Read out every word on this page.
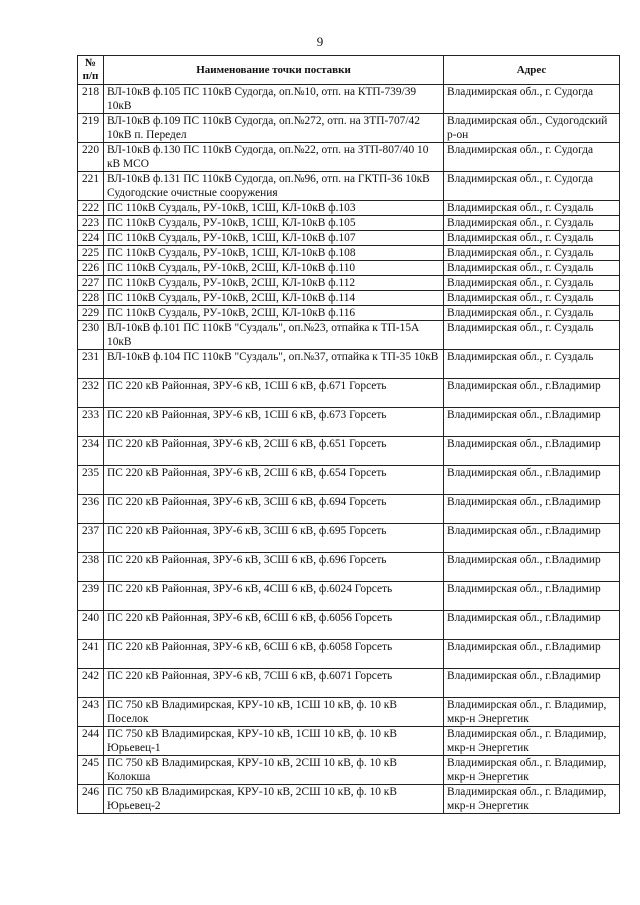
9
№
п/п	Наименование точки поставки	Адрес
218	ВЛ-10кВ ф.105 ПС 110кВ Судогда, оп.№10, отп. на КТП-739/39 10кВ	Владимирская обл., г. Судогда
219	ВЛ-10кВ ф.109 ПС 110кВ Судогда, оп.№272, отп. на ЗТП-707/42 10кВ п. Передел	Владимирская обл., Судогодский р-он
220	ВЛ-10кВ ф.130 ПС 110кВ Судогда, оп.№22, отп. на ЗТП-807/40 10 кВ МСО	Владимирская обл., г. Судогда
221	ВЛ-10кВ ф.131 ПС 110кВ Судогда, оп.№96, отп. на ГКТП-36 10кВ Судогодские очистные сооружения	Владимирская обл., г. Судогда
222	ПС 110кВ Суздаль, РУ-10кВ, 1СШ, КЛ-10кВ ф.103	Владимирская обл., г. Суздаль
223	ПС 110кВ Суздаль, РУ-10кВ, 1СШ, КЛ-10кВ ф.105	Владимирская обл., г. Суздаль
224	ПС 110кВ Суздаль, РУ-10кВ, 1СШ, КЛ-10кВ ф.107	Владимирская обл., г. Суздаль
225	ПС 110кВ Суздаль, РУ-10кВ, 1СШ, КЛ-10кВ ф.108	Владимирская обл., г. Суздаль
226	ПС 110кВ Суздаль, РУ-10кВ, 2СШ, КЛ-10кВ ф.110	Владимирская обл., г. Суздаль
227	ПС 110кВ Суздаль, РУ-10кВ, 2СШ, КЛ-10кВ ф.112	Владимирская обл., г. Суздаль
228	ПС 110кВ Суздаль, РУ-10кВ, 2СШ, КЛ-10кВ ф.114	Владимирская обл., г. Суздаль
229	ПС 110кВ Суздаль, РУ-10кВ, 2СШ, КЛ-10кВ ф.116	Владимирская обл., г. Суздаль
230	ВЛ-10кВ ф.101 ПС 110кВ "Суздаль", оп.№23, отпайка к ТП-15А 10кВ	Владимирская обл., г. Суздаль
231	ВЛ-10кВ ф.104 ПС 110кВ "Суздаль", оп.№37, отпайка к ТП-35 10кВ	Владимирская обл., г. Суздаль
232	ПС 220 кВ Районная, ЗРУ-6 кВ, 1СШ 6 кВ, ф.671 Горсеть	Владимирская обл., г.Владимир
233	ПС 220 кВ Районная, ЗРУ-6 кВ, 1СШ 6 кВ, ф.673 Горсеть	Владимирская обл., г.Владимир
234	ПС 220 кВ Районная, ЗРУ-6 кВ, 2СШ 6 кВ, ф.651 Горсеть	Владимирская обл., г.Владимир
235	ПС 220 кВ Районная, ЗРУ-6 кВ, 2СШ 6 кВ, ф.654 Горсеть	Владимирская обл., г.Владимир
236	ПС 220 кВ Районная, ЗРУ-6 кВ, 3СШ 6 кВ, ф.694 Горсеть	Владимирская обл., г.Владимир
237	ПС 220 кВ Районная, ЗРУ-6 кВ, 3СШ 6 кВ, ф.695 Горсеть	Владимирская обл., г.Владимир
238	ПС 220 кВ Районная, ЗРУ-6 кВ, 3СШ 6 кВ, ф.696 Горсеть	Владимирская обл., г.Владимир
239	ПС 220 кВ Районная, ЗРУ-6 кВ, 4СШ 6 кВ, ф.6024 Горсеть	Владимирская обл., г.Владимир
240	ПС 220 кВ Районная, ЗРУ-6 кВ, 6СШ 6 кВ, ф.6056 Горсеть	Владимирская обл., г.Владимир
241	ПС 220 кВ Районная, ЗРУ-6 кВ, 6СШ 6 кВ, ф.6058 Горсеть	Владимирская обл., г.Владимир
242	ПС 220 кВ Районная, ЗРУ-6 кВ, 7СШ 6 кВ, ф.6071 Горсеть	Владимирская обл., г.Владимир
243	ПС 750 кВ Владимирская, КРУ-10 кВ, 1СШ 10 кВ, ф. 10 кВ Поселок	Владимирская обл., г. Владимир, мкр-н Энергетик
244	ПС 750 кВ Владимирская, КРУ-10 кВ, 1СШ 10 кВ, ф. 10 кВ Юрьевец-1	Владимирская обл., г. Владимир, мкр-н Энергетик
245	ПС 750 кВ Владимирская, КРУ-10 кВ, 2СШ 10 кВ, ф. 10 кВ Колокша	Владимирская обл., г. Владимир, мкр-н Энергетик
246	ПС 750 кВ Владимирская, КРУ-10 кВ, 2СШ 10 кВ, ф. 10 кВ Юрьевец-2	Владимирская обл., г. Владимир, мкр-н Энергетик
